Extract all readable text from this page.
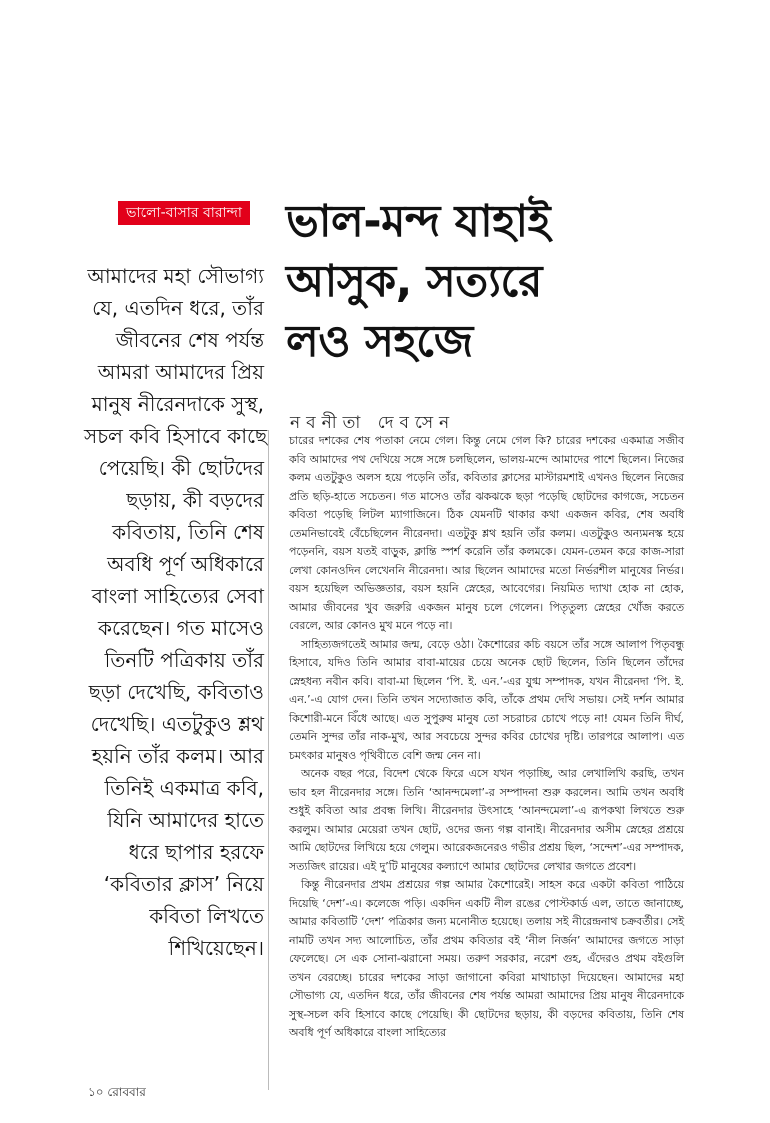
ভালো-বাসার বারান্দা ভাল-মন্দ যাহাই
আসুক, সত্যরে
লও সহজে
নবনীতা দেবসেন
আমাদের মহা সৌভাগ্য
যে, এতদিন ধরে, তাঁর
জীবনের শেষ পর্যন্ত
আমরা আমাদের প্রিয়
মানুষ নীরেনদাকে সুস্থ,
সচল কবি হিসাবে কাছে
পেয়েছি। কী ছোটদের
ছড়ায়, কী বড়দের
কবিতায়, তিনি শেষ
অবধি পূর্ণ অধিকারে
বাংলা সাহিত্যের সেবা
করেছেন। গত মাসেও
তিনটি পত্রিকায় তাঁর
ছড়া দেখেছি, কবিতাও
দেখেছি। এতটুকুও শ্লথ
হয়নি তাঁর কলম। আর
তিনিই একমাত্র কবি,
যিনি আমাদের হাতে
ধরে ছাপার হরফে
‘কবিতার ক্লাস’ নিয়ে
কবিতা লিখতে
শিখিয়েছেন।

চারের দশকের শেষ পতাকা নেমে গেল। কিন্তু নেমে গেল কি? চারের দশকের একমাত্র সজীব কবি আমাদের পথ দেখিয়ে সঙ্গে সঙ্গে চলছিলেন, ভালয়-মন্দে আমাদের পাশে ছিলেন। নিজের কলম এতটুকুও অলস হয়ে পড়েনি তাঁর, কবিতার ক্লাসের মাস্টারমশাই এখনও ছিলেন নিজের প্রতি ছড়ি-হাতে সচেতন। গত মাসেও তাঁর ঝকঝকে ছড়া পড়েছি ছোটদের কাগজে, সচেতন কবিতা পড়েছি লিটল ম্যাগাজিনে। ঠিক যেমনটি থাকার কথা একজন কবির, শেষ অবধি তেমনিভাবেই বেঁচেছিলেন নীরেনদা। এতটুকু শ্লথ হয়নি তাঁর কলম। এতটুকুও অন্যমনস্ক হয়ে পড়েননি, বয়স যতই বাড়ুক, ক্লান্তি স্পর্শ করেনি তাঁর কলমকে। যেমন-তেমন করে কাজ-সারা লেখা কোনওদিন লেখেননি নীরেনদা। আর ছিলেন আমাদের মতো নির্ভরশীল মানুষের নির্ভর। বয়স হয়েছিল অভিজ্ঞতার, বয়স হয়নি স্নেহের, আবেগের। নিয়মিত দ্যাখা হোক না হোক, আমার জীবনের খুব জরুরি একজন মানুষ চলে গেলেন। পিতৃতুল্য স্নেহের খোঁজ করতে বেরলে, আর কোনও মুখ মনে পড়ে না।

সাহিত্যজগতেই আমার জন্ম, বেড়ে ওঠা। কৈশোরের কচি বয়সে তাঁর সঙ্গে আলাপ পিতৃবন্ধু হিসাবে, যদিও তিনি আমার বাবা-মায়ের চেয়ে অনেক ছোট ছিলেন, তিনি ছিলেন তাঁদের স্নেহধন্য নবীন কবি। বাবা-মা ছিলেন ‘পি. ই. এন.’-এর যুগ্ম সম্পাদক, যখন নীরেনদা ‘পি. ই. এন.’-এ যোগ দেন। তিনি তখন সদ্যোজাত কবি, তাঁকে প্রথম দেখি সভায়। সেই দর্শন আমার কিশোরী-মনে বিঁধে আছে। এত সুপুরুষ মানুষ তো সচরাচর চোখে পড়ে না! যেমন তিনি দীর্ঘ, তেমনি সুন্দর তাঁর নাক-মুখ, আর সবচেয়ে সুন্দর কবির চোখের দৃষ্টি। তারপরে আলাপ। এত চমৎকার মানুষও পৃথিবীতে বেশি জন্ম নেন না।

অনেক বছর পরে, বিদেশ থেকে ফিরে এসে যখন পড়াচ্ছি, আর লেখালিখি করছি, তখন ভাব হল নীরেনদার সঙ্গে। তিনি ‘আনন্দমেলা’-র সম্পাদনা শুরু করলেন। আমি তখন অবধি শুধুই কবিতা আর প্রবন্ধ লিখি। নীরেনদার উৎসাহে ‘আনন্দমেলা’-এ রূপকথা লিখতে শুরু করলুম। আমার মেয়েরা তখন ছোট, ওদের জন্য গল্প বানাই। নীরেনদার অসীম স্নেহের প্রশ্রয়ে আমি ছোটদের লিখিয়ে হয়ে গেলুম। আরেকজনেরও গভীর প্রশ্রয় ছিল, ‘সন্দেশ’-এর সম্পাদক, সত্যজিৎ রায়ের। এই দু’টি মানুষের কল্যাণে আমার ছোটদের লেখার জগতে প্রবেশ।

কিন্তু নীরেনদার প্রথম প্রশ্রয়ের গল্প আমার কৈশোরেই। সাহস করে একটা কবিতা পাঠিয়ে দিয়েছি ‘দেশ’-এ। কলেজে পড়ি। একদিন একটি নীল রঙের পোস্টকার্ড এল, তাতে জানাচ্ছে, আমার কবিতাটি ‘দেশ’ পত্রিকার জন্য মনোনীত হয়েছে। তলায় সই নীরেন্দ্রনাথ চক্রবর্তীর। সেই নামটি তখন সদ্য আলোচিত, তাঁর প্রথম কবিতার বই ‘নীল নির্জন’ আমাদের জগতে সাড়া ফেলেছে। সে এক সোনা-ঝরানো সময়। তরুণ সরকার, নরেশ গুহ, এঁদেরও প্রথম বইগুলি তখন বেরচ্ছে। চারের দশকের সাড়া জাগানো কবিরা মাথাচাড়া দিয়েছেন। আমাদের মহা সৌভাগ্য যে, এতদিন ধরে, তাঁর জীবনের শেষ পর্যন্ত আমরা আমাদের প্রিয় মানুষ নীরেনদাকে সুস্থ-সচল কবি হিসাবে কাছে পেয়েছি। কী ছোটদের ছড়ায়, কী বড়দের কবিতায়, তিনি শেষ অবধি পূর্ণ অধিকারে বাংলা সাহিত্যের

১০ রোববার
